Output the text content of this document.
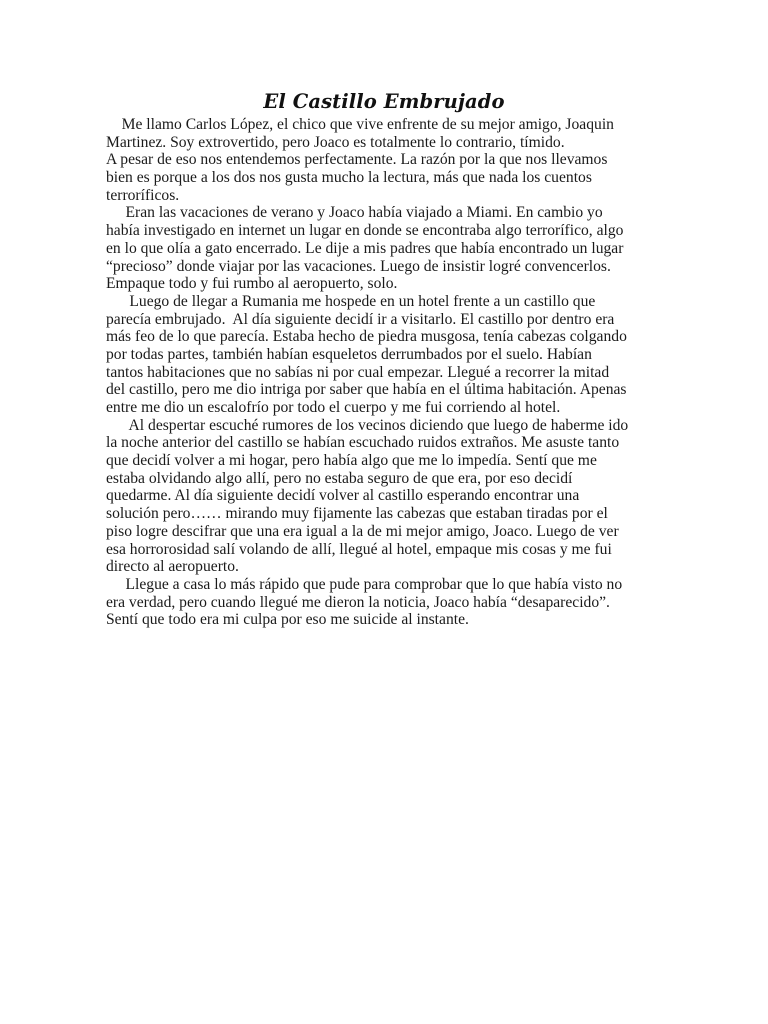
El Castillo Embrujado
Me llamo Carlos López, el chico que vive enfrente de su mejor amigo, Joaquin
Martinez. Soy extrovertido, pero Joaco es totalmente lo contrario, tímido.
A pesar de eso nos entendemos perfectamente. La razón por la que nos llevamos
bien es porque a los dos nos gusta mucho la lectura, más que nada los cuentos
terroríficos.
Eran las vacaciones de verano y Joaco había viajado a Miami. En cambio yo
había investigado en internet un lugar en donde se encontraba algo terrorífico, algo
en lo que olía a gato encerrado. Le dije a mis padres que había encontrado un lugar
“precioso” donde viajar por las vacaciones. Luego de insistir logré convencerlos.
Empaque todo y fui rumbo al aeropuerto, solo.
Luego de llegar a Rumania me hospede en un hotel frente a un castillo que
parecía embrujado.  Al día siguiente decidí ir a visitarlo. El castillo por dentro era
más feo de lo que parecía. Estaba hecho de piedra musgosa, tenía cabezas colgando
por todas partes, también habían esqueletos derrumbados por el suelo. Habían
tantos habitaciones que no sabías ni por cual empezar. Llegué a recorrer la mitad
del castillo, pero me dio intriga por saber que había en el última habitación. Apenas
entre me dio un escalofrío por todo el cuerpo y me fui corriendo al hotel.
Al despertar escuché rumores de los vecinos diciendo que luego de haberme ido
la noche anterior del castillo se habían escuchado ruidos extraños. Me asuste tanto
que decidí volver a mi hogar, pero había algo que me lo impedía. Sentí que me
estaba olvidando algo allí, pero no estaba seguro de que era, por eso decidí
quedarme. Al día siguiente decidí volver al castillo esperando encontrar una
solución pero…… mirando muy fijamente las cabezas que estaban tiradas por el
piso logre descifrar que una era igual a la de mi mejor amigo, Joaco. Luego de ver
esa horrorosidad salí volando de allí, llegué al hotel, empaque mis cosas y me fui
directo al aeropuerto.
Llegue a casa lo más rápido que pude para comprobar que lo que había visto no
era verdad, pero cuando llegué me dieron la noticia, Joaco había “desaparecido”.
Sentí que todo era mi culpa por eso me suicide al instante.
